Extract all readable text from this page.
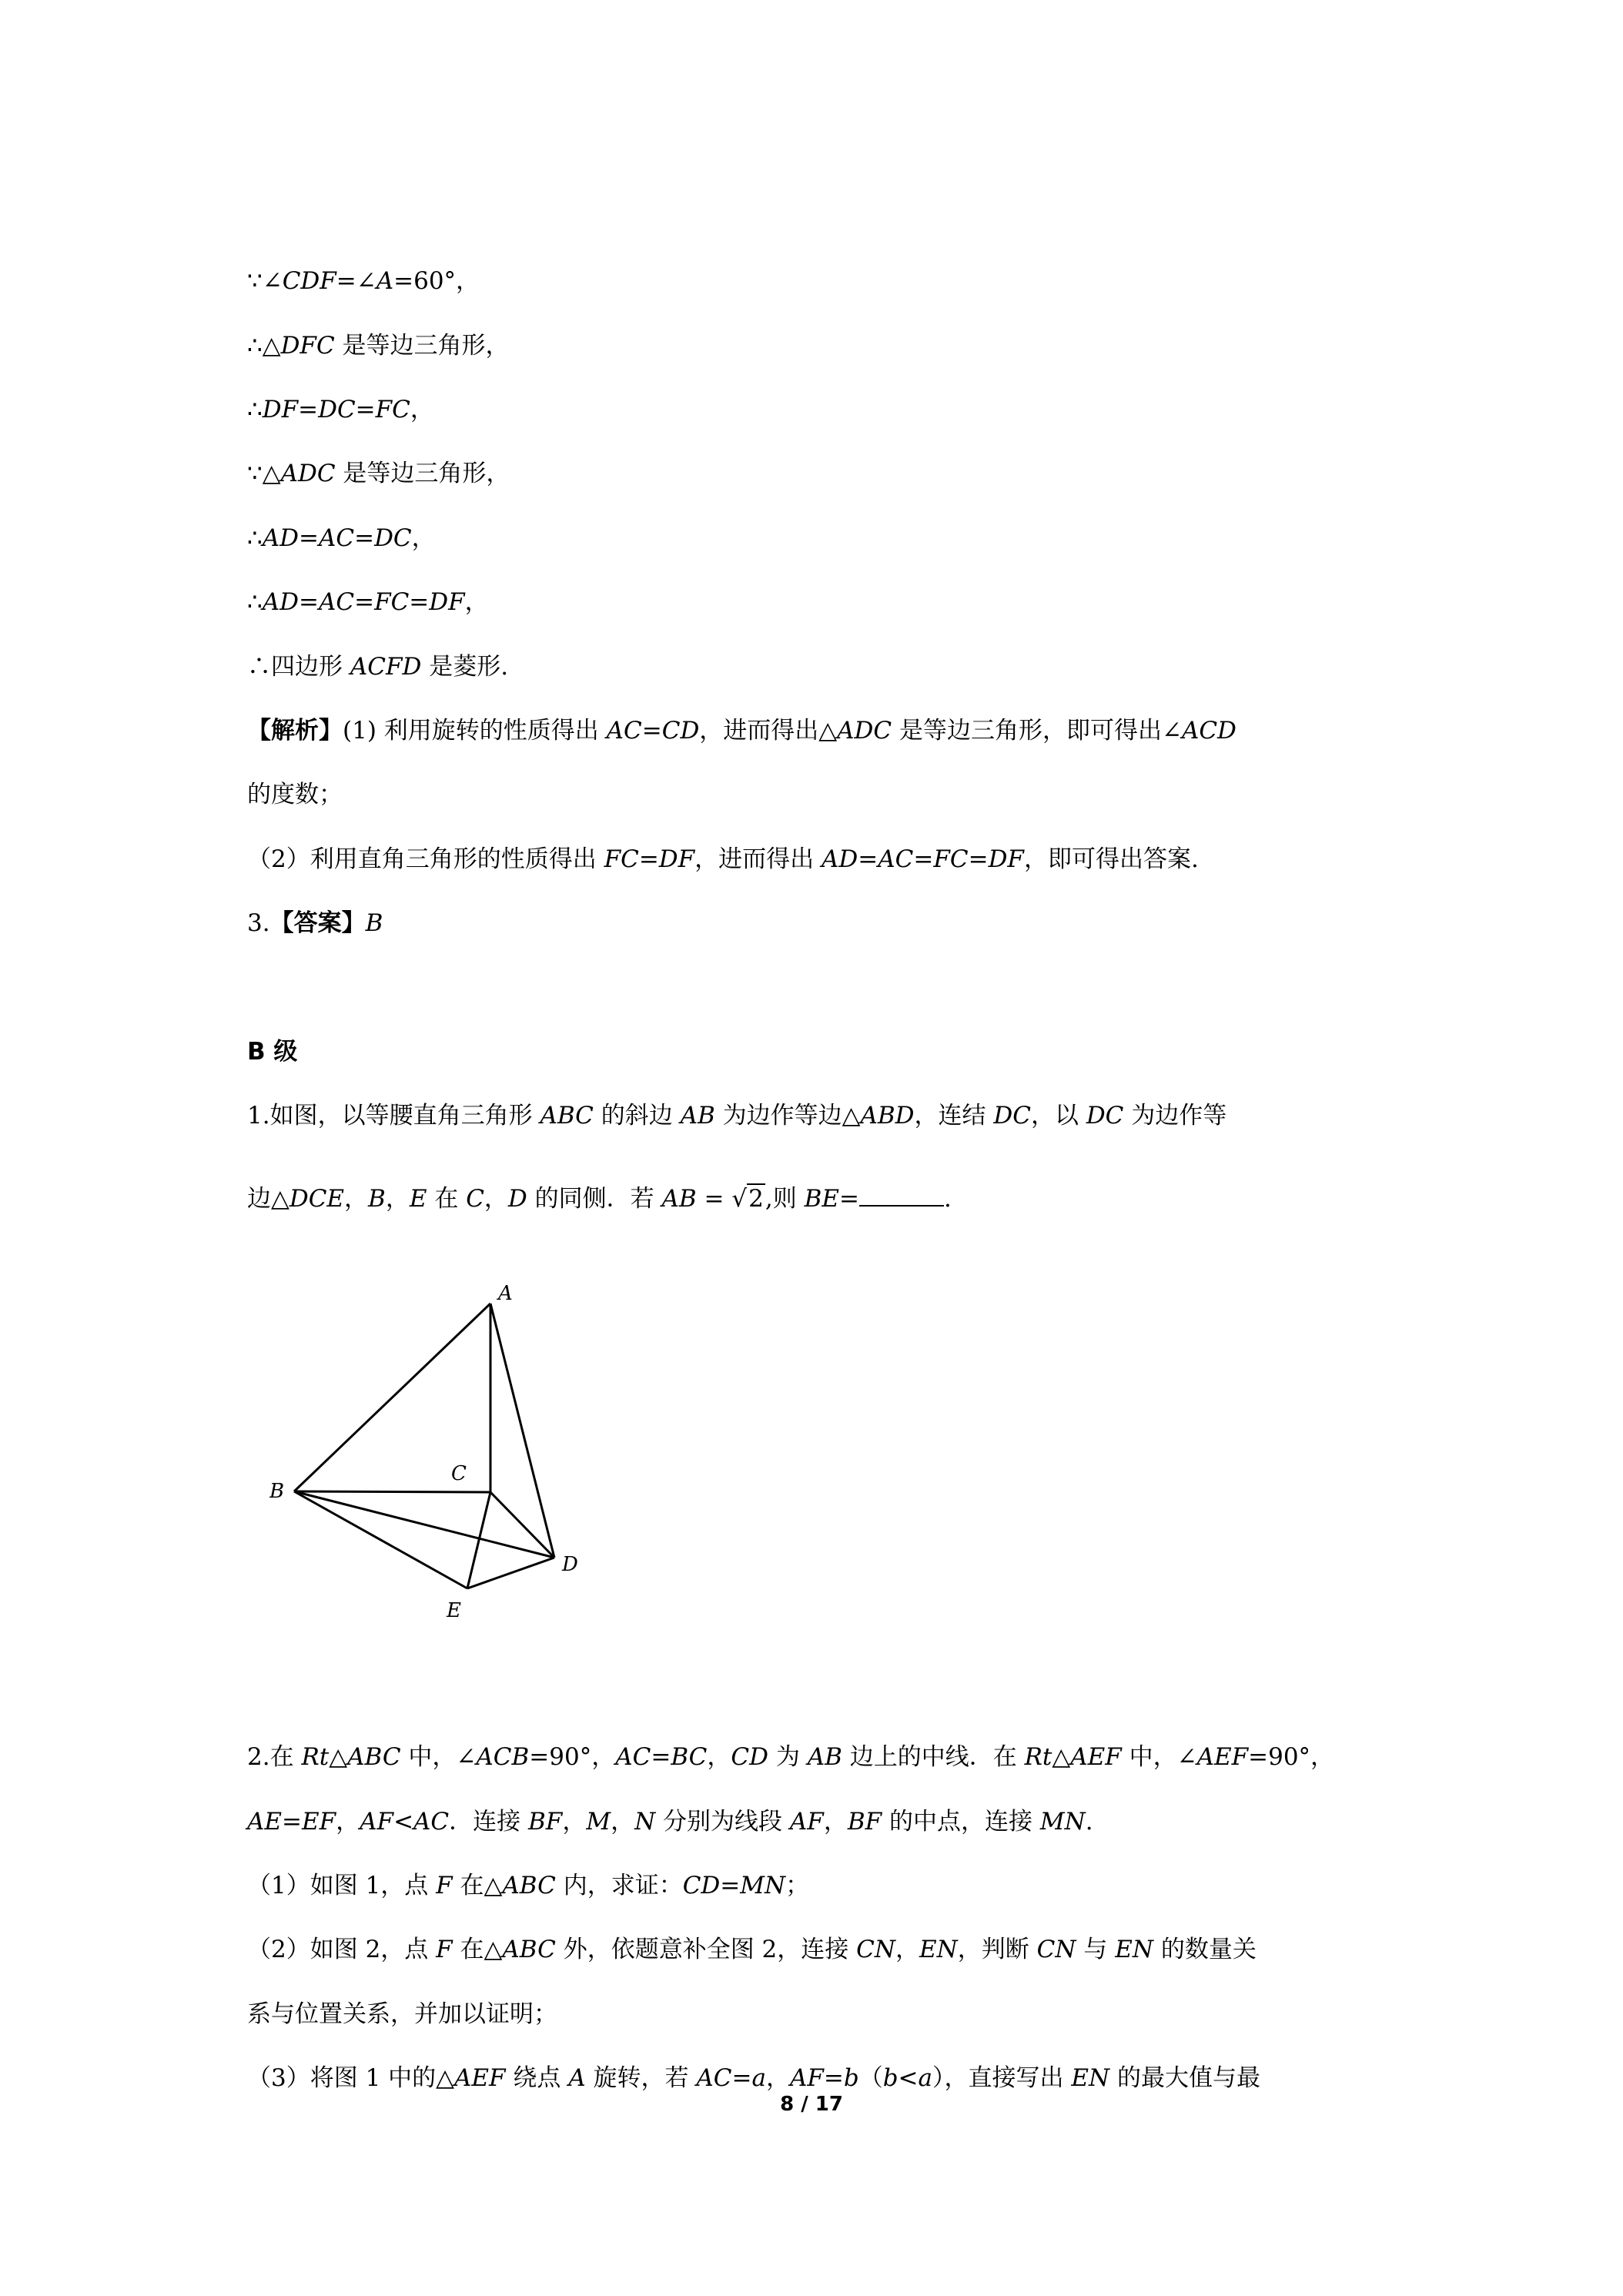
∵∠CDF=∠A=60°，
∴△DFC 是等边三角形，
∴DF=DC=FC，
∵△ADC 是等边三角形，
∴AD=AC=DC，
∴AD=AC=FC=DF，
∴四边形 ACFD 是菱形.
【解析】(1) 利用旋转的性质得出 AC=CD，进而得出△ADC 是等边三角形，即可得出∠ACD
的度数；
（2）利用直角三角形的性质得出 FC=DF，进而得出 AD=AC=FC=DF，即可得出答案.
3.【答案】B
B 级
1.如图，以等腰直角三角形 ABC 的斜边 AB 为边作等边△ABD，连结 DC，以 DC 为边作等
边△DCE，B，E 在 C，D 的同侧．若 AB = √2,则 BE=	.
A
B
C
D
E
2.在 Rt△ABC 中，∠ACB=90°，AC=BC，CD 为 AB 边上的中线．在 Rt△AEF 中，∠AEF=90°，
AE=EF，AF<AC．连接 BF，M，N 分别为线段 AF，BF 的中点，连接 MN.
（1）如图 1，点 F 在△ABC 内，求证：CD=MN；
（2）如图 2，点 F 在△ABC 外，依题意补全图 2，连接 CN，EN，判断 CN 与 EN 的数量关
系与位置关系，并加以证明；
（3）将图 1 中的△AEF 绕点 A 旋转，若 AC=a，AF=b（b<a），直接写出 EN 的最大值与最
8 / 17
